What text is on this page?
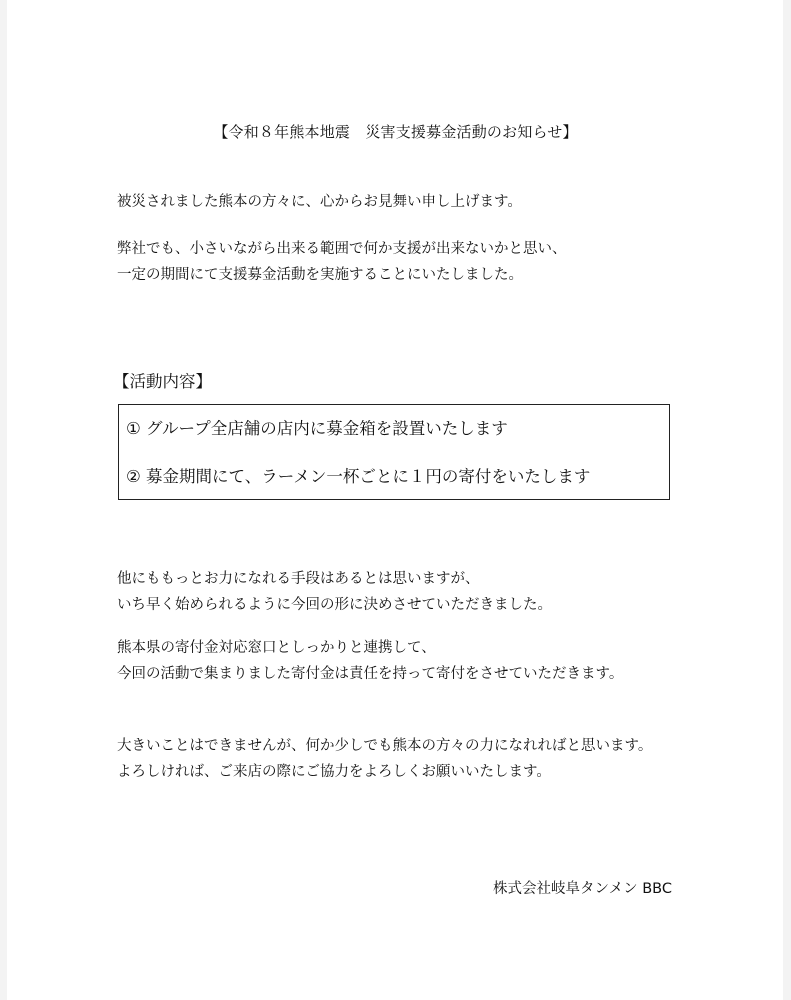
【令和８年熊本地震　災害支援募金活動のお知らせ】

被災されました熊本の方々に、心からお見舞い申し上げます。

弊社でも、小さいながら出来る範囲で何か支援が出来ないかと思い、
一定の期間にて支援募金活動を実施することにいたしました。

【活動内容】
① グループ全店舗の店内に募金箱を設置いたします
② 募金期間にて、ラーメン一杯ごとに１円の寄付をいたします

他にももっとお力になれる手段はあるとは思いますが、
いち早く始められるように今回の形に決めさせていただきました。

熊本県の寄付金対応窓口としっかりと連携して、
今回の活動で集まりました寄付金は責任を持って寄付をさせていただきます。

大きいことはできませんが、何か少しでも熊本の方々の力になれればと思います。
よろしければ、ご来店の際にご協力をよろしくお願いいたします。

株式会社岐阜タンメン BBC
